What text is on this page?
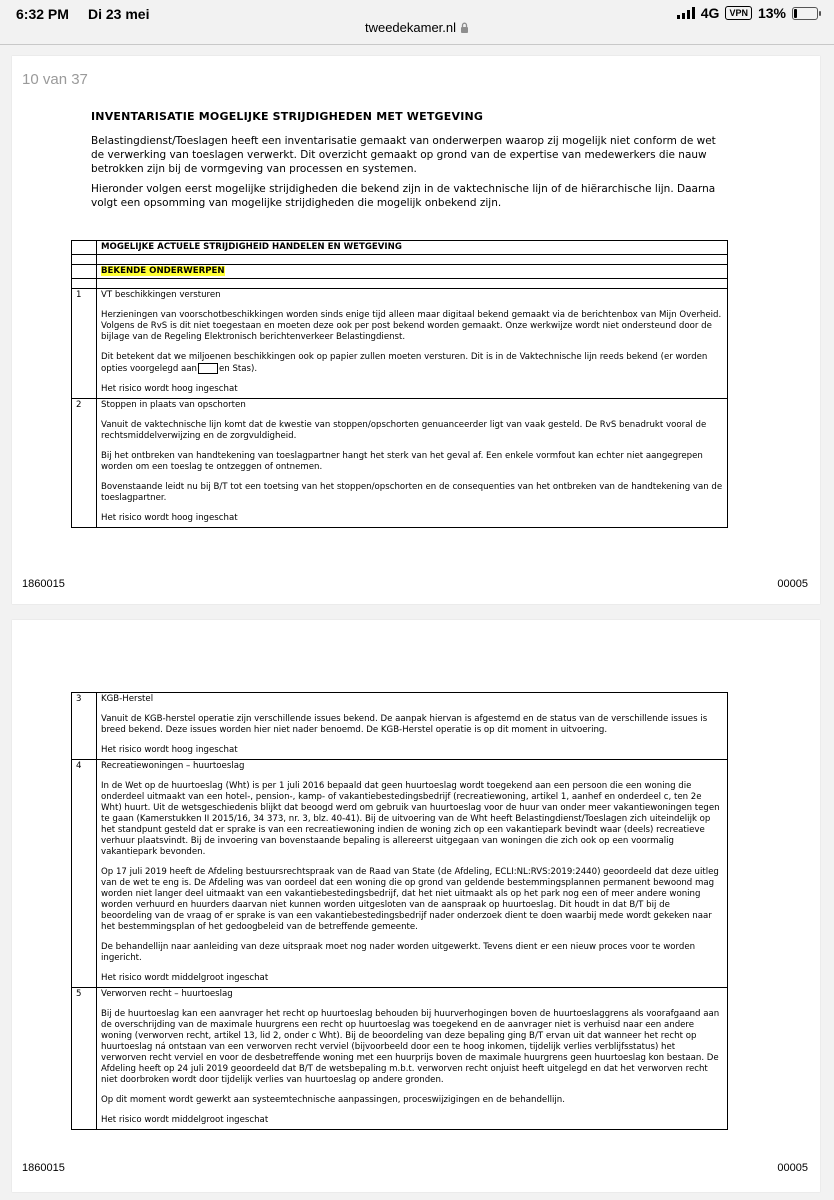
6:32 PM Di 23 mei	4G	VPN 13%
tweedekamer.nl
10 van 37
INVENTARISATIE MOGELIJKE STRIJDIGHEDEN MET WETGEVING
Belastingdienst/Toeslagen heeft een inventarisatie gemaakt van onderwerpen waarop zij mogelijk niet conform de wet de verwerking van toeslagen verwerkt. Dit overzicht gemaakt op grond van de expertise van medewerkers die nauw betrokken zijn bij de vormgeving van processen en systemen.
Hieronder volgen eerst mogelijke strijdigheden die bekend zijn in de vaktechnische lijn of de hiërarchische lijn. Daarna volgt een opsomming van mogelijke strijdigheden die mogelijk onbekend zijn.
	MOGELIJKE ACTUELE STRIJDIGHEID HANDELEN EN WETGEVING

	BEKENDE ONDERWERPEN

1	VT beschikkingen versturen

Herzieningen van voorschotbeschikkingen worden sinds enige tijd alleen maar digitaal bekend gemaakt via de berichtenbox van Mijn Overheid. Volgens de RvS is dit niet toegestaan en moeten deze ook per post bekend worden gemaakt. Onze werkwijze wordt niet ondersteund door de bijlage van de Regeling Elektronisch berichtenverkeer Belastingdienst.

Dit betekent dat we miljoenen beschikkingen ook op papier zullen moeten versturen. Dit is in de Vaktechnische lijn reeds bekend (er worden opties voorgelegd aan en Stas).

Het risico wordt hoog ingeschat

2	Stoppen in plaats van opschorten

Vanuit de vaktechnische lijn komt dat de kwestie van stoppen/opschorten genuanceerder ligt van vaak gesteld. De RvS benadrukt vooral de rechtsmiddelverwijzing en de zorgvuldigheid.

Bij het ontbreken van handtekening van toeslagpartner hangt het sterk van het geval af. Een enkele vormfout kan echter niet aangegrepen worden om een toeslag te ontzeggen of ontnemen.

Bovenstaande leidt nu bij B/T tot een toetsing van het stoppen/opschorten en de consequenties van het ontbreken van de handtekening van de toeslagpartner.

Het risico wordt hoog ingeschat

1860015	00005
3	KGB-Herstel

Vanuit de KGB-herstel operatie zijn verschillende issues bekend. De aanpak hiervan is afgestemd en de status van de verschillende issues is breed bekend. Deze issues worden hier niet nader benoemd. De KGB-Herstel operatie is op dit moment in uitvoering.

Het risico wordt hoog ingeschat

4	Recreatiewoningen – huurtoeslag

In de Wet op de huurtoeslag (Wht) is per 1 juli 2016 bepaald dat geen huurtoeslag wordt toegekend aan een persoon die een woning die onderdeel uitmaakt van een hotel-, pension-, kamp- of vakantiebestedingsbedrijf (recreatiewoning, artikel 1, aanhef en onderdeel c, ten 2e Wht) huurt. Uit de wetsgeschiedenis blijkt dat beoogd werd om gebruik van huurtoeslag voor de huur van onder meer vakantiewoningen tegen te gaan (Kamerstukken II 2015/16, 34 373, nr. 3, blz. 40-41). Bij de uitvoering van de Wht heeft Belastingdienst/Toeslagen zich uiteindelijk op het standpunt gesteld dat er sprake is van een recreatiewoning indien de woning zich op een vakantiepark bevindt waar (deels) recreatieve verhuur plaatsvindt. Bij de invoering van bovenstaande bepaling is allereerst uitgegaan van woningen die zich ook op een voormalig vakantiepark bevonden.

Op 17 juli 2019 heeft de Afdeling bestuursrechtspraak van de Raad van State (de Afdeling, ECLI:NL:RVS:2019:2440) geoordeeld dat deze uitleg van de wet te eng is. De Afdeling was van oordeel dat een woning die op grond van geldende bestemmingsplannen permanent bewoond mag worden niet langer deel uitmaakt van een vakantiebestedingsbedrijf, dat het niet uitmaakt als op het park nog een of meer andere woning worden verhuurd en huurders daarvan niet kunnen worden uitgesloten van de aanspraak op huurtoeslag. Dit houdt in dat B/T bij de beoordeling van de vraag of er sprake is van een vakantiebestedingsbedrijf nader onderzoek dient te doen waarbij mede wordt gekeken naar het bestemmingsplan of het gedoogbeleid van de betreffende gemeente.

De behandellijn naar aanleiding van deze uitspraak moet nog nader worden uitgewerkt. Tevens dient er een nieuw proces voor te worden ingericht.

Het risico wordt middelgroot ingeschat

5	Verworven recht – huurtoeslag

Bij de huurtoeslag kan een aanvrager het recht op huurtoeslag behouden bij huurverhogingen boven de huurtoeslaggrens als voorafgaand aan de overschrijding van de maximale huurgrens een recht op huurtoeslag was toegekend en de aanvrager niet is verhuisd naar een andere woning (verworven recht, artikel 13, lid 2, onder c Wht). Bij de beoordeling van deze bepaling ging B/T ervan uit dat wanneer het recht op huurtoeslag ná ontstaan van een verworven recht verviel (bijvoorbeeld door een te hoog inkomen, tijdelijk verlies verblijfsstatus) het verworven recht verviel en voor de desbetreffende woning met een huurprijs boven de maximale huurgrens geen huurtoeslag kon bestaan. De Afdeling heeft op 24 juli 2019 geoordeeld dat B/T de wetsbepaling m.b.t. verworven recht onjuist heeft uitgelegd en dat het verworven recht niet doorbroken wordt door tijdelijk verlies van huurtoeslag op andere gronden.

Op dit moment wordt gewerkt aan systeemtechnische aanpassingen, proceswijzigingen en de behandellijn.

Het risico wordt middelgroot ingeschat

1860015	00005
